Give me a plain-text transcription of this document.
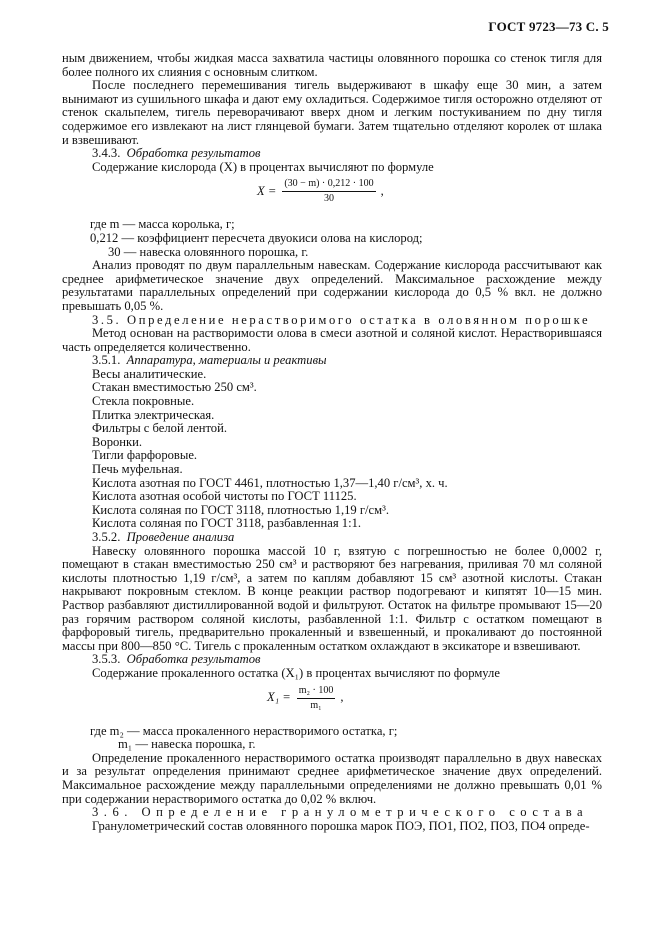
ГОСТ 9723—73 С. 5

ным движением, чтобы жидкая масса захватила частицы оловянного порошка со стенок тигля для более полного их слияния с основным слитком.

После последнего перемешивания тигель выдерживают в шкафу еще 30 мин, а затем вынимают из сушильного шкафа и дают ему охладиться. Содержимое тигля осторожно отделяют от стенок скальпелем, тигель переворачивают вверх дном и легким постукиванием по дну тигля содержимое его извлекают на лист глянцевой бумаги. Затем тщательно отделяют королек от шлака и взвешивают.

3.4.3. Обработка результатов

Содержание кислорода (X) в процентах вычисляют по формуле

$X = \frac{(30 - m) \cdot 0,212 \cdot 100}{30}$ ,

где m — масса королька, г;

0,212 — коэффициент пересчета двуокиси олова на кислород;

30 — навеска оловянного порошка, г.

Анализ проводят по двум параллельным навескам. Содержание кислорода рассчитывают как среднее арифметическое значение двух определений. Максимальное расхождение между результатами параллельных определений при содержании кислорода до 0,5 % вкл. не должно превышать 0,05 %.

3.5. Определение нерастворимого остатка в оловянном порошке

Метод основан на растворимости олова в смеси азотной и соляной кислот. Нерастворившаяся часть определяется количественно.

3.5.1. Аппаратура, материалы и реактивы

Весы аналитические.

Стакан вместимостью 250 см³.

Стекла покровные.

Плитка электрическая.

Фильтры с белой лентой.

Воронки.

Тигли фарфоровые.

Печь муфельная.

Кислота азотная по ГОСТ 4461, плотностью 1,37—1,40 г/см³, х. ч.

Кислота азотная особой чистоты по ГОСТ 11125.

Кислота соляная по ГОСТ 3118, плотностью 1,19 г/см³.

Кислота соляная по ГОСТ 3118, разбавленная 1:1.

3.5.2. Проведение анализа

Навеску оловянного порошка массой 10 г, взятую с погрешностью не более 0,0002 г, помещают в стакан вместимостью 250 см³ и растворяют без нагревания, приливая 70 мл соляной кислоты плотностью 1,19 г/см³, а затем по каплям добавляют 15 см³ азотной кислоты. Стакан накрывают покровным стеклом. В конце реакции раствор подогревают и кипятят 10—15 мин. Раствор разбавляют дистиллированной водой и фильтруют. Остаток на фильтре промывают 15—20 раз горячим раствором соляной кислоты, разбавленной 1:1. Фильтр с остатком помещают в фарфоровый тигель, предварительно прокаленный и взвешенный, и прокаливают до постоянной массы при 800—850 °С. Тигель с прокаленным остатком охлаждают в эксикаторе и взвешивают.

3.5.3. Обработка результатов

Содержание прокаленного остатка (X₁) в процентах вычисляют по формуле

$X_1 = \frac{\text{m₂ · 100}}{\text{m₁}}$ ,

где m₂ — масса прокаленного нерастворимого остатка, г;

m₁ — навеска порошка, г.

Определение прокаленного нерастворимого остатка производят параллельно в двух навесках и за результат определения принимают среднее арифметическое значение двух определений. Максимальное расхождение между параллельными определениями не должно превышать 0,01 % при содержании нерастворимого остатка до 0,02 % включ.

3.6. Определение гранулометрического состава

Гранулометрический состав оловянного порошка марок ПОЭ, ПО1, ПО2, ПО3, ПО4 опреде-
